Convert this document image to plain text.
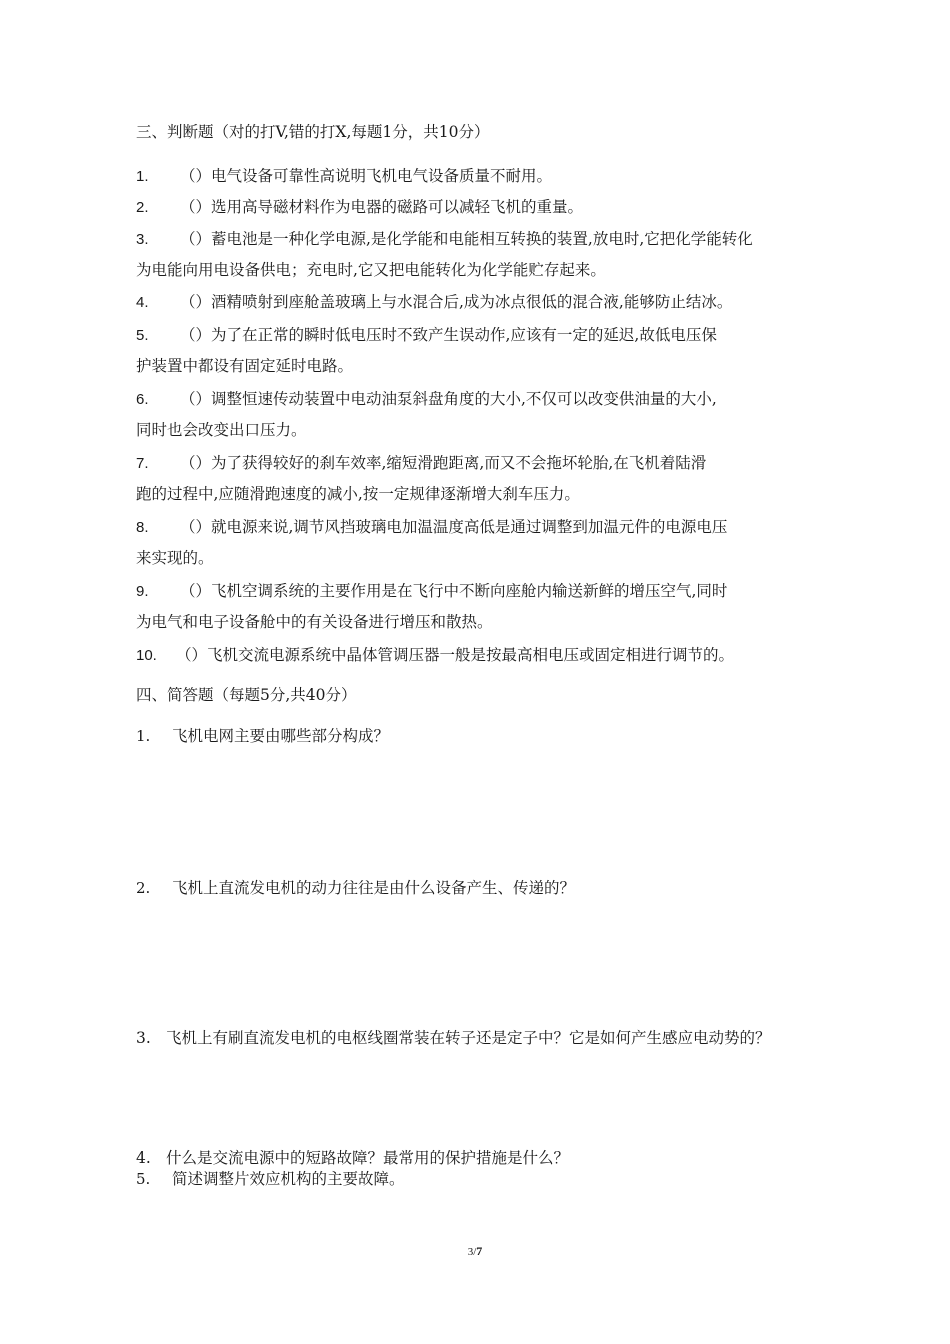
三、判断题（对的打V,错的打X,每题1分，共10分）
1. （）电气设备可靠性高说明飞机电气设备质量不耐用。
2. （）选用高导磁材料作为电器的磁路可以减轻飞机的重量。
3. （）蓄电池是一种化学电源,是化学能和电能相互转换的装置,放电时,它把化学能转化
为电能向用电设备供电；充电时,它又把电能转化为化学能贮存起来。
4. （）酒精喷射到座舱盖玻璃上与水混合后,成为冰点很低的混合液,能够防止结冰。
5. （）为了在正常的瞬时低电压时不致产生误动作,应该有一定的延迟,故低电压保
护装置中都设有固定延时电路。
6. （）调整恒速传动装置中电动油泵斜盘角度的大小,不仅可以改变供油量的大小,
同时也会改变出口压力。
7. （）为了获得较好的刹车效率,缩短滑跑距离,而又不会拖坏轮胎,在飞机着陆滑
跑的过程中,应随滑跑速度的减小,按一定规律逐渐增大刹车压力。
8. （）就电源来说,调节风挡玻璃电加温温度高低是通过调整到加温元件的电源电压
来实现的。
9. （）飞机空调系统的主要作用是在飞行中不断向座舱内输送新鲜的增压空气,同时
为电气和电子设备舱中的有关设备进行增压和散热。
10. （）飞机交流电源系统中晶体管调压器一般是按最高相电压或固定相进行调节的。
四、简答题（每题5分,共40分）
1. 飞机电网主要由哪些部分构成？
2. 飞机上直流发电机的动力往往是由什么设备产生、传递的？
3. 飞机上有刷直流发电机的电枢线圈常装在转子还是定子中？它是如何产生感应电动势的？
4. 什么是交流电源中的短路故障？最常用的保护措施是什么？
5. 简述调整片效应机构的主要故障。
3/7
